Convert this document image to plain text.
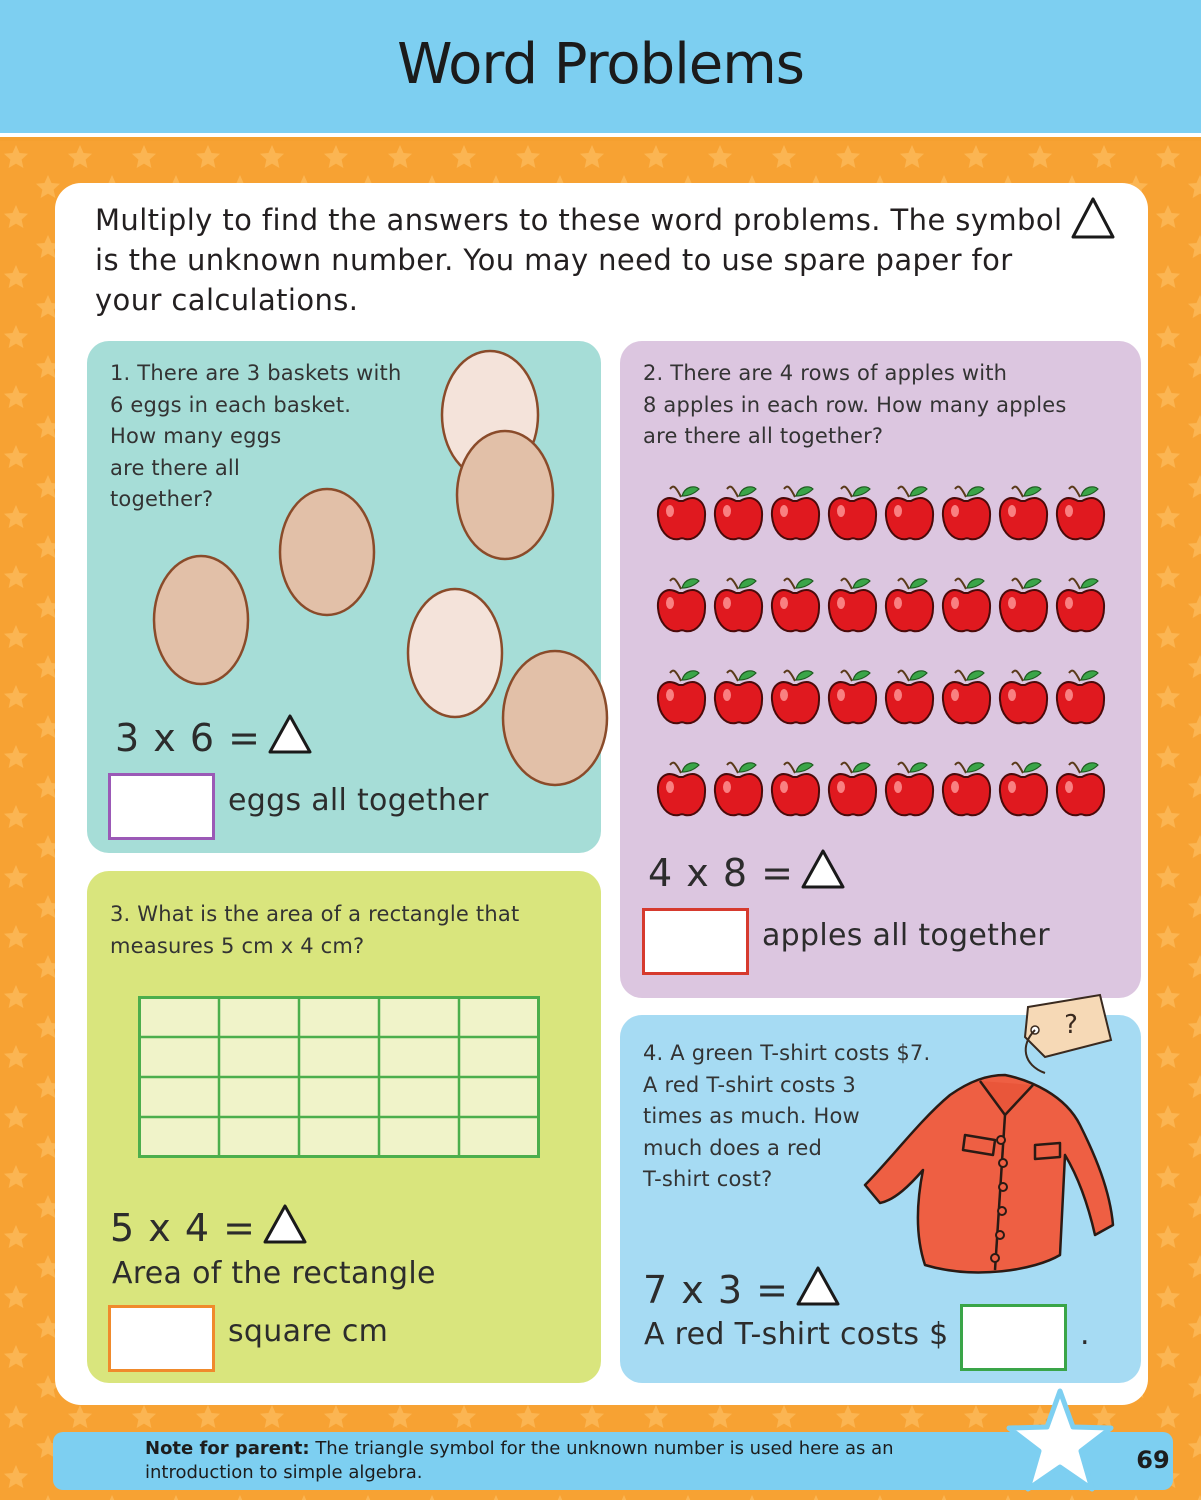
Word Problems
Multiply to find the answers to these word problems. The symbol
is the unknown number. You may need to use spare paper for
your calculations.
1. There are 3 baskets with
6 eggs in each basket.
How many eggs
are there all
together?
3 x 6 =
eggs all together
2. There are 4 rows of apples with
8 apples in each row. How many apples
are there all together?
4 x 8 =
apples all together
3. What is the area of a rectangle that
measures 5 cm x 4 cm?
5 x 4 =
Area of the rectangle
square cm
4. A green T-shirt costs $7.
A red T-shirt costs 3
times as much. How
much does a red
T-shirt cost?
?
7 x 3 =
A red T-shirt costs $	.
Note for parent: The triangle symbol for the unknown number is used here as an introduction to simple algebra.	69
